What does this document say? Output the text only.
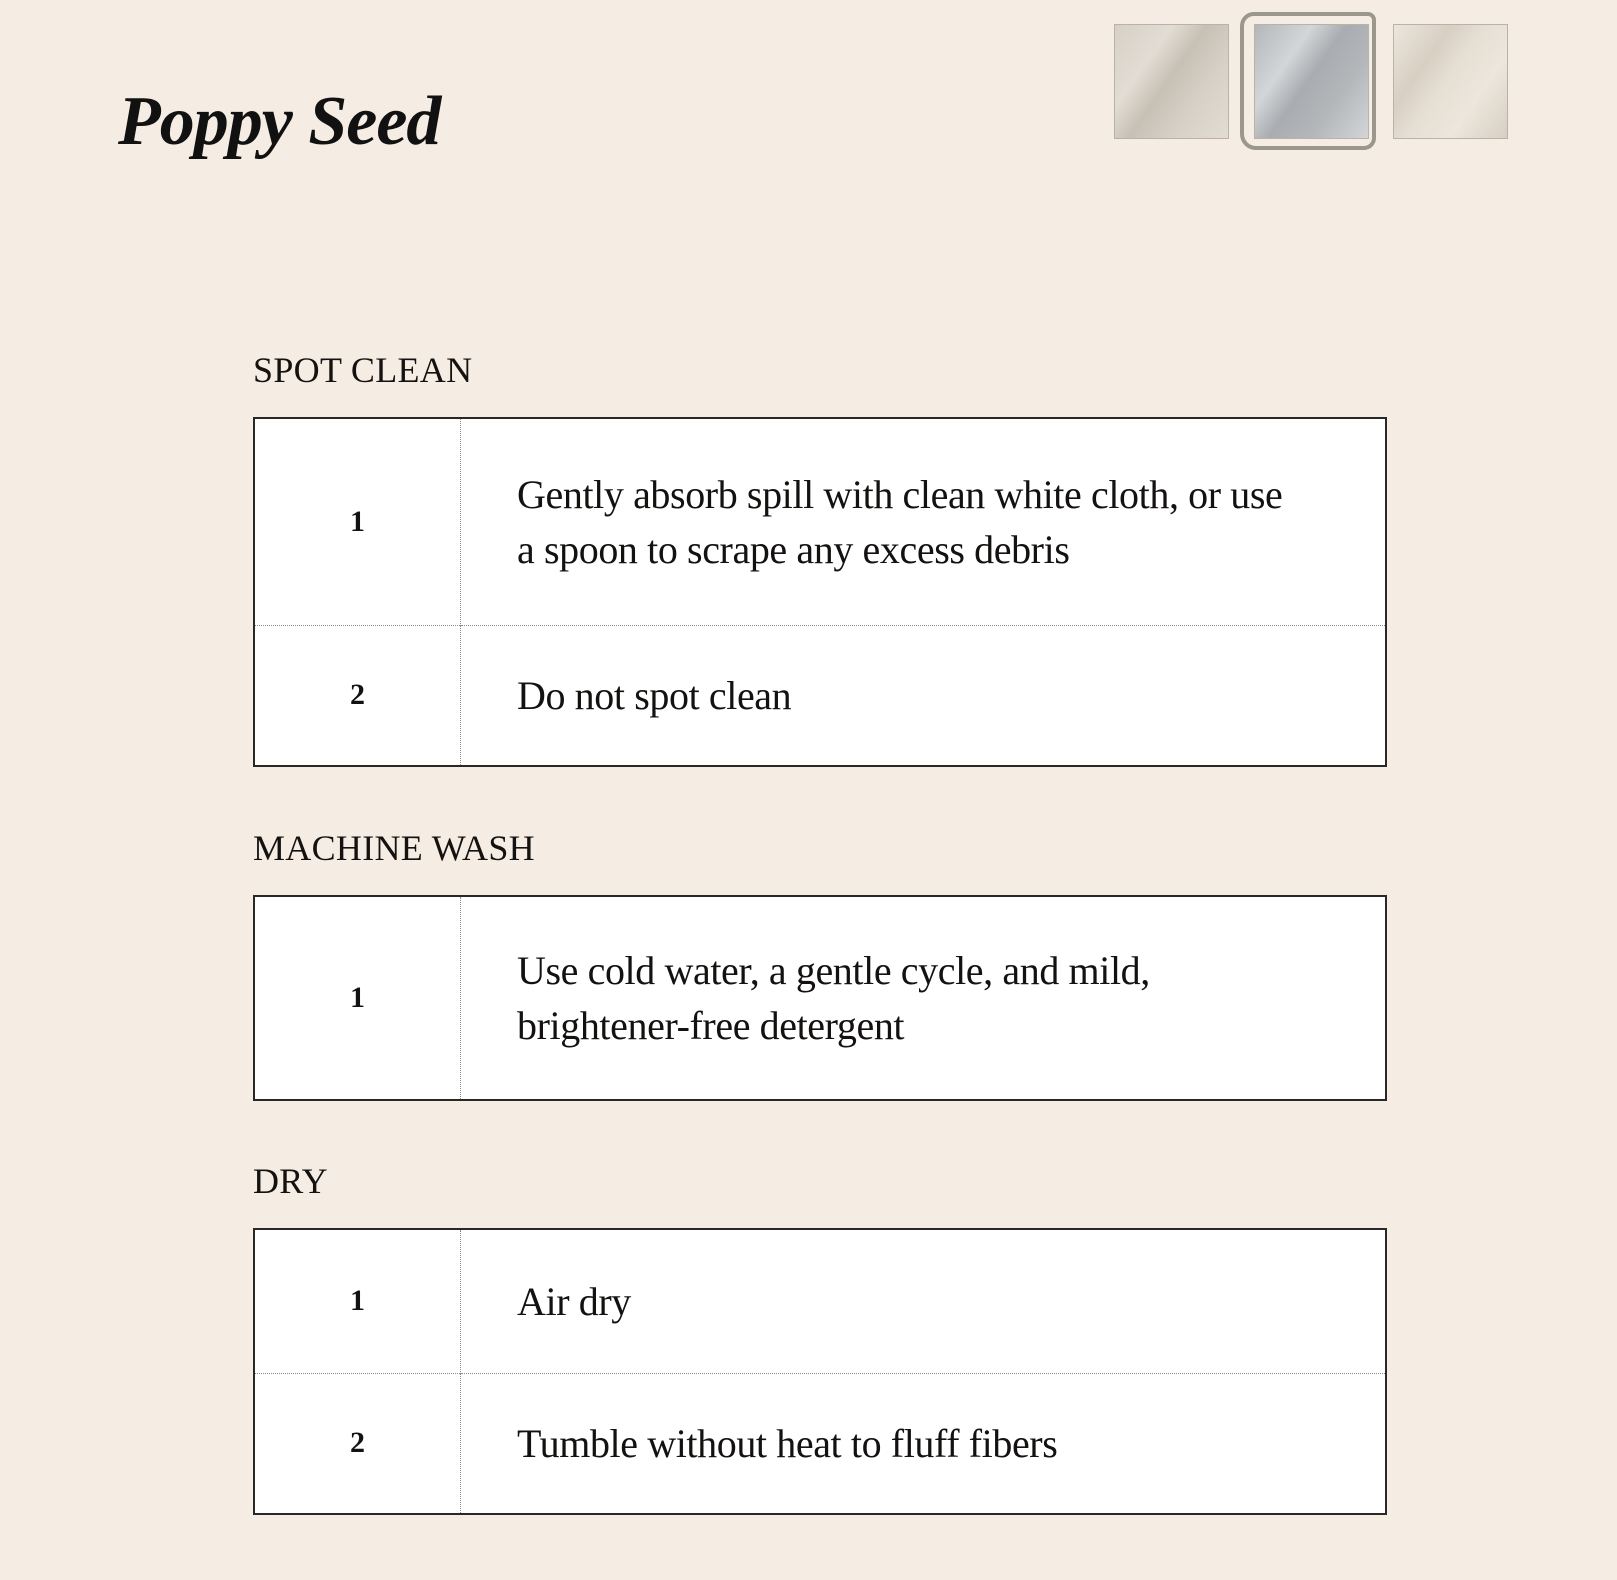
Poppy Seed
SPOT CLEAN
1	Gently absorb spill with clean white cloth, or use a spoon to scrape any excess debris
2	Do not spot clean
MACHINE WASH
1	Use cold water, a gentle cycle, and mild, brightener-free detergent
DRY
1	Air dry
2	Tumble without heat to fluff fibers
